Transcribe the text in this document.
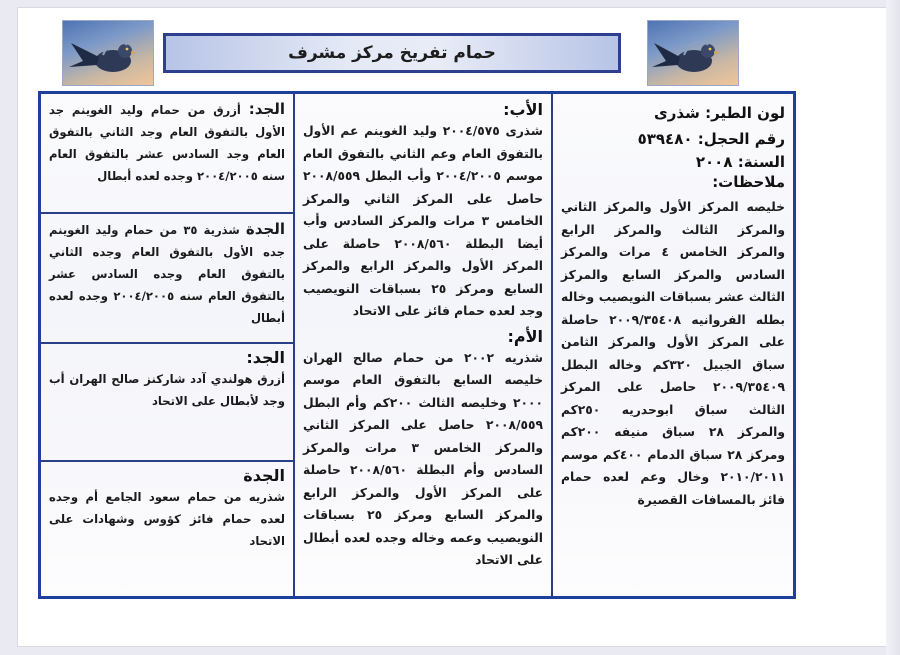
حمام تفريخ مركز مشرف
لون الطير: شذرى
رقم الحجل: ٥٣٩٤٨٠
السنة: ٢٠٠٨
ملاحظات:
خليصه المركز الأول والمركز الثاني والمركز الثالث والمركز الرابع والمركز الخامس ٤ مرات والمركز السادس والمركز السابع والمركز الثالث عشر بسباقات النويصيب وخاله بطله الفروانيه ٢٠٠٩/٣٥٤٠٨ حاصلة على المركز الأول والمركز الثامن سباق الجبيل ٣٢٠كم وخاله البطل ٢٠٠٩/٣٥٤٠٩ حاصل على المركز الثالث سباق ابوحدريه ٢٥٠كم والمركز ٢٨ سباق منيفه ٢٠٠كم ومركز ٢٨ سباق الدمام ٤٠٠كم موسم ٢٠١٠/٢٠١١ وخال وعم لعده حمام فائز بالمسافات القصيرة
الأب:
شذرى ٢٠٠٤/٥٧٥ وليد الغوينم عم الأول بالتفوق العام وعم الثاني بالتفوق العام موسم ٢٠٠٤/٢٠٠٥ وأب البطل ٢٠٠٨/٥٥٩ حاصل على المركز الثاني والمركز الخامس ٣ مرات والمركز السادس وأب أيضا البطلة ٢٠٠٨/٥٦٠ حاصلة على المركز الأول والمركز الرابع والمركز السابع ومركز ٢٥ بسباقات النويصيب وجد لعده حمام فائز على الاتحاد
الأم:
شذريه ٢٠٠٢ من حمام صالح الهران خليصه السابع بالتفوق العام موسم ٢٠٠٠ وخليصه الثالث ٢٠٠كم وأم البطل ٢٠٠٨/٥٥٩ حاصل على المركز الثاني والمركز الخامس ٣ مرات والمركز السادس وأم البطلة ٢٠٠٨/٥٦٠ حاصلة على المركز الأول والمركز الرابع والمركز السابع ومركز ٢٥ بسباقات النويصيب وعمه وخاله وجده لعده أبطال على الاتحاد
الجد: أزرق من حمام وليد الغوينم جد الأول بالتفوق العام وجد الثاني بالتفوق العام وجد السادس عشر بالتفوق العام سنه ٢٠٠٤/٢٠٠٥ وجده لعده أبطال
الجدة شذرية ٣٥ من حمام وليد الغوينم جده الأول بالتفوق العام وجده الثاني بالتفوق العام وجده السادس عشر بالتفوق العام سنه ٢٠٠٤/٢٠٠٥ وجده لعده أبطال
الجد:
أزرق هولندي آدد شاركنز صالح الهران أب وجد لأبطال على الاتحاد
الجدة
شذريه من حمام سعود الجامع أم وجده لعده حمام فائز كؤوس وشهادات على الاتحاد
